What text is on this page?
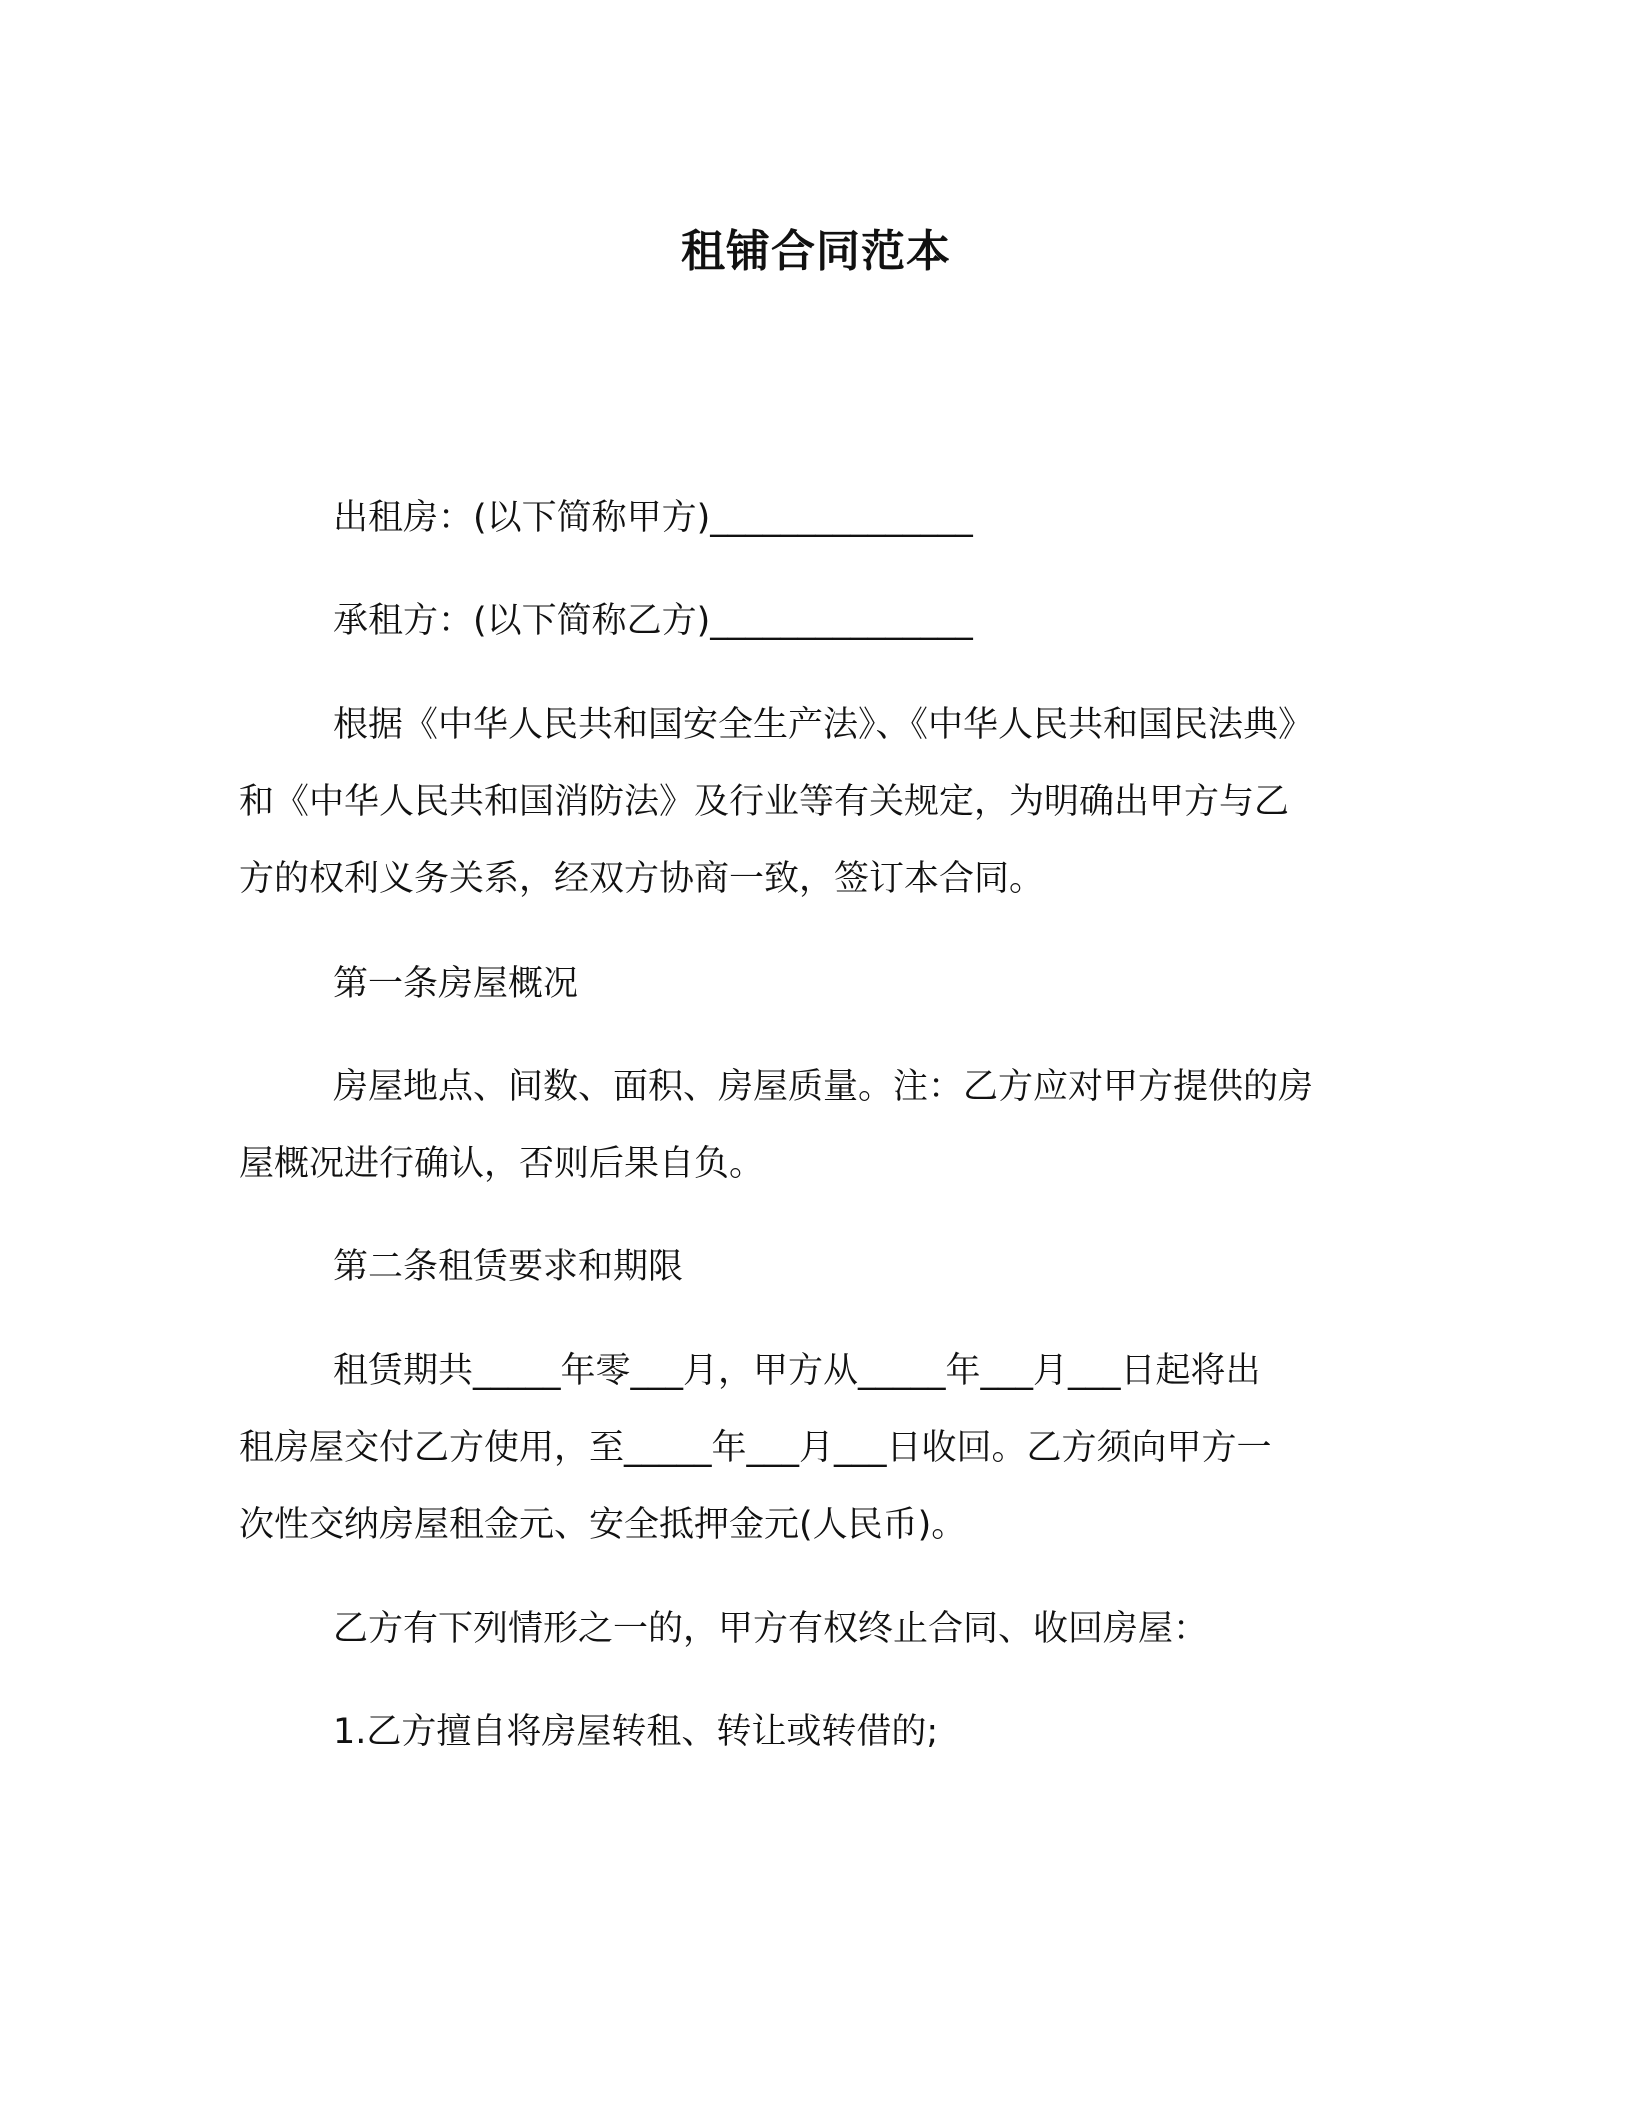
租铺合同范本
出租房：(以下简称甲方)_______________
承租方：(以下简称乙方)_______________
根据《中华人民共和国安全生产法》、《中华人民共和国民法典》
和《中华人民共和国消防法》及行业等有关规定，为明确出甲方与乙
方的权利义务关系，经双方协商一致，签订本合同。
第一条房屋概况
房屋地点、间数、面积、房屋质量。注：乙方应对甲方提供的房
屋概况进行确认，否则后果自负。
第二条租赁要求和期限
租赁期共_____年零___月，甲方从_____年___月___日起将出
租房屋交付乙方使用，至_____年___月___日收回。乙方须向甲方一
次性交纳房屋租金元、安全抵押金元(人民币)。
乙方有下列情形之一的，甲方有权终止合同、收回房屋：
1.乙方擅自将房屋转租、转让或转借的;
